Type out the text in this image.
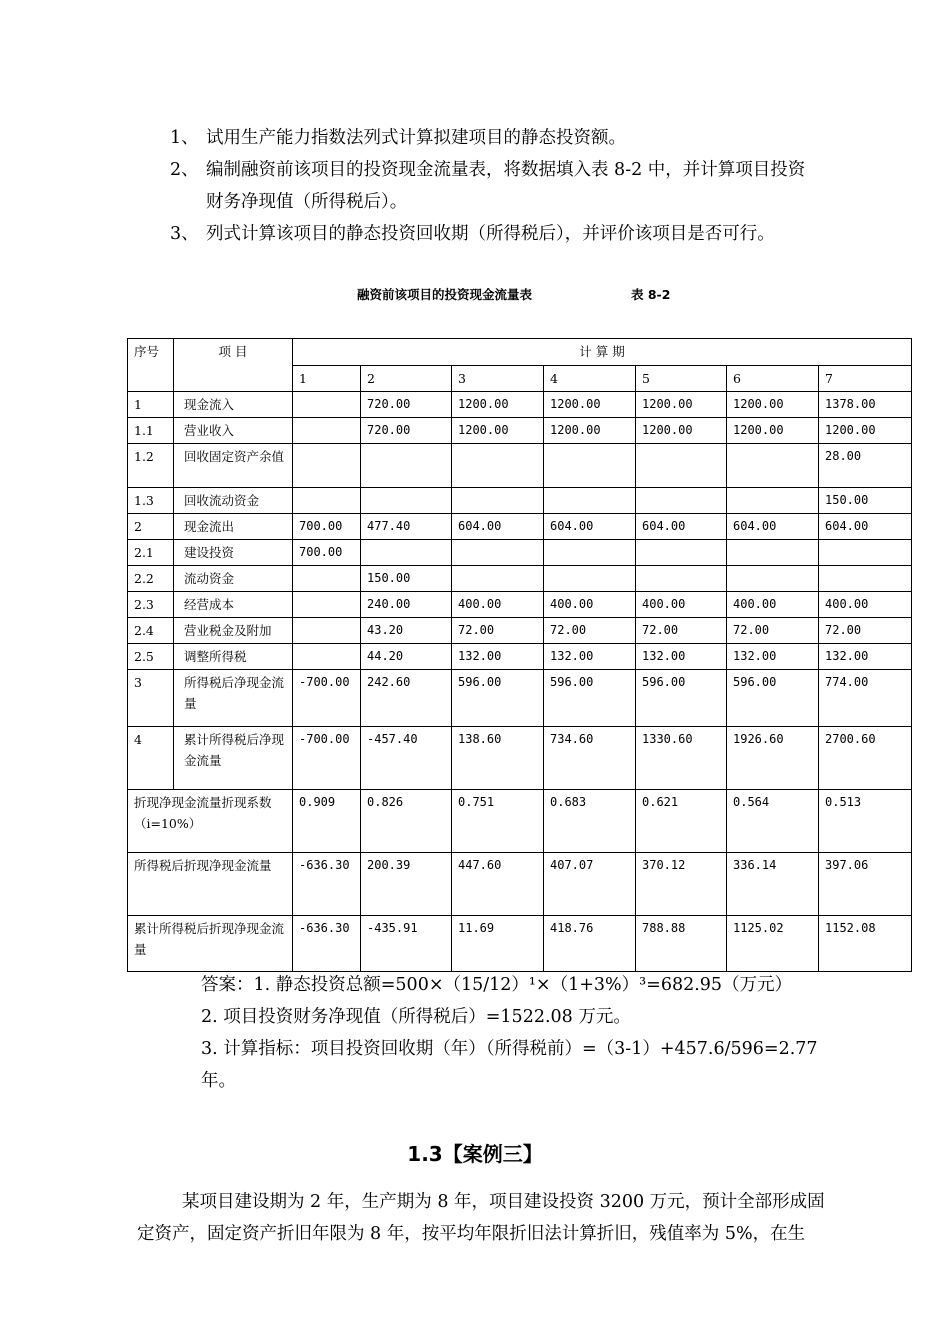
1、 试用生产能力指数法列式计算拟建项目的静态投资额。
2、 编制融资前该项目的投资现金流量表，将数据填入表 8-2 中，并计算项目投资
财务净现值（所得税后）。
3、 列式计算该项目的静态投资回收期（所得税后），并评价该项目是否可行。
融资前该项目的投资现金流量表	表 8-2
序号	项 目	计 算 期						
		1	2	3	4	5	6	7
1	现金流入		720.00	1200.00	1200.00	1200.00	1200.00	1378.00
1.1	营业收入		720.00	1200.00	1200.00	1200.00	1200.00	1200.00
1.2	回收固定资产余值							28.00
1.3	回收流动资金							150.00
2	现金流出	700.00	477.40	604.00	604.00	604.00	604.00	604.00
2.1	建设投资	700.00						
2.2	流动资金		150.00					
2.3	经营成本		240.00	400.00	400.00	400.00	400.00	400.00
2.4	营业税金及附加		43.20	72.00	72.00	72.00	72.00	72.00
2.5	调整所得税		44.20	132.00	132.00	132.00	132.00	132.00
3	所得税后净现金流量	-700.00	242.60	596.00	596.00	596.00	596.00	774.00
4	累计所得税后净现金流量	-700.00	-457.40	138.60	734.60	1330.60	1926.60	2700.60
折现净现金流量折现系数（i=10%）		0.909	0.826	0.751	0.683	0.621	0.564	0.513
所得税后折现净现金流量		-636.30	200.39	447.60	407.07	370.12	336.14	397.06
累计所得税后折现净现金流量		-636.30	-435.91	11.69	418.76	788.88	1125.02	1152.08
答案：1. 静态投资总额=500×（15/12）¹×（1+3%）³=682.95（万元）
2. 项目投资财务净现值（所得税后）=1522.08 万元。
3. 计算指标：项目投资回收期（年）（所得税前）=（3-1）+457.6/596=2.77
年。
1.3【案例三】
某项目建设期为 2 年，生产期为 8 年，项目建设投资 3200 万元，预计全部形成固
定资产，固定资产折旧年限为 8 年，按平均年限折旧法计算折旧，残值率为 5%，在生
